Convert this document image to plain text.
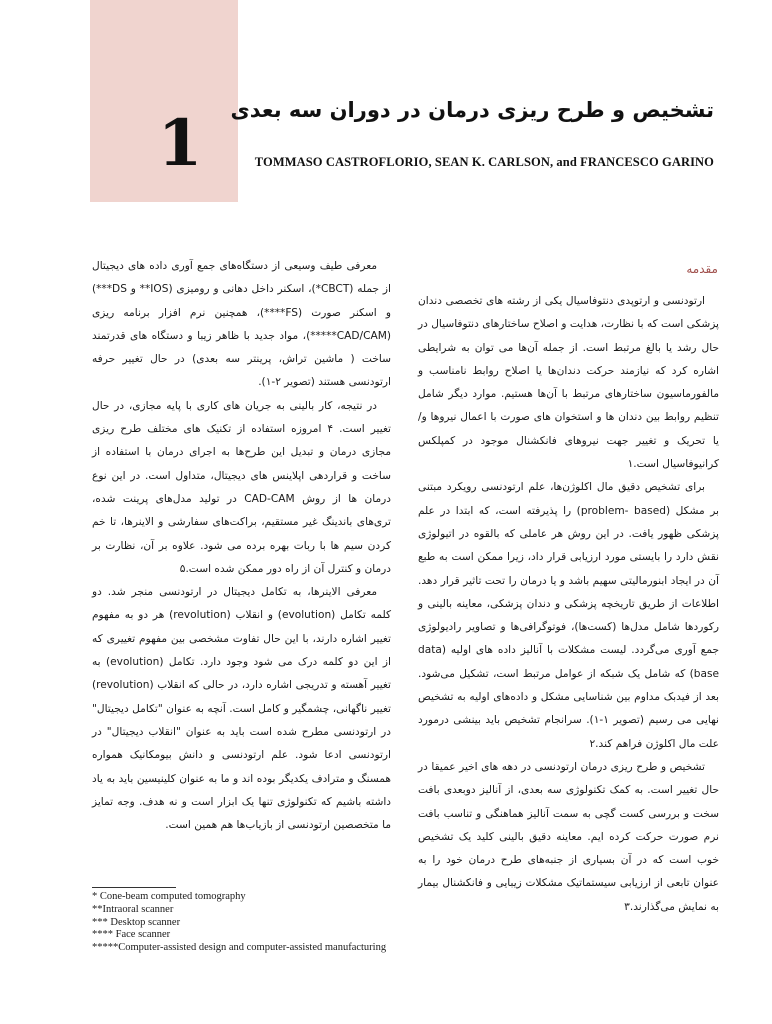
1	تشخیص و طرح ریزی درمان در دوران سه بعدی
TOMMASO CASTROFLORIO, SEAN K. CARLSON, and FRANCESCO GARINO
مقدمه

ارتودنسی و ارتوپدی دنتوفاسیال یکی از رشته های تخصصی دندان پزشکی است که با نظارت، هدایت و اصلاح ساختارهای دنتوفاسیال در حال رشد یا بالغ مرتبط است. از جمله آن‌ها می توان به شرایطی اشاره کرد که نیازمند حرکت دندان‌ها یا اصلاح روابط نامناسب و مالفورماسیون ساختارهای مرتبط با آن‌ها هستیم. موارد دیگر شامل تنظیم روابط بین دندان ها و استخوان های صورت با اعمال نیروها و/یا تحریک و تغییر جهت نیروهای فانکشنال موجود در کمپلکس کرانیوفاسیال است.۱

برای تشخیص دقیق مال اکلوژن‌ها، علم ارتودنسی رویکرد مبتنی بر مشکل (problem- based) را پذیرفته است، که ابتدا در علم پزشکی ظهور یافت. در این روش هر عاملی که بالقوه در اتیولوژی نقش دارد را بایستی مورد ارزیابی قرار داد، زیرا ممکن است به طبع آن در ایجاد ابنورمالیتی سهیم باشد و یا درمان را تحت تاثیر قرار دهد. اطلاعات از طریق تاریخچه پزشکی و دندان پزشکی، معاینه بالینی و رکوردها شامل مدل‌ها (کست‌ها)، فوتوگرافی‌ها و تصاویر رادیولوژی جمع آوری می‌گردد. لیست مشکلات با آنالیز داده های اولیه (data base) که شامل یک شبکه از عوامل مرتبط است، تشکیل می‌شود. بعد از فیدبک مداوم بین شناسایی مشکل و داده‌های اولیه به تشخیص نهایی می رسیم (تصویر ۱-۱). سرانجام تشخیص باید بینشی درمورد علت مال اکلوژن فراهم کند.۲

تشخیص و طرح ریزی درمان ارتودنسی در دهه های اخیر عمیقا در حال تغییر است. به کمک تکنولوژی سه بعدی، از آنالیز دوبعدی بافت سخت و بررسی کست گچی به سمت آنالیز هماهنگی و تناسب بافت نرم صورت حرکت کرده ایم. معاینه دقیق بالینی کلید یک تشخیص خوب است که در آن بسیاری از جنبه‌های طرح درمان خود را به عنوان تابعی از ارزیابی سیستماتیک مشکلات زیبایی و فانکشنال بیمار به نمایش می‌گذارند.۳

معرفی طیف وسیعی از دستگاه‌های جمع آوری داده های دیجیتال از جمله (CBCT*)، اسکنر داخل دهانی و رومیزی (IOS** و DS***) و اسکنر صورت (FS****)، همچنین نرم افزار برنامه ریزی (CAD/CAM*****)، مواد جدید با ظاهر زیبا و دستگاه های قدرتمند ساخت ( ماشین تراش، پرینتر سه بعدی) در حال تغییر حرفه ارتودنسی هستند (تصویر ۲-۱).

در نتیجه، کار بالینی به جریان های کاری با پایه مجازی، در حال تغییر است. ۴ امروزه استفاده از تکنیک های مختلف طرح ریزی مجازی درمان و تبدیل این طرح‌ها به اجرای درمان با استفاده از ساخت و قراردهی اپلاینس های دیجیتال، متداول است. در این نوع درمان ها از روش CAD-CAM در تولید مدل‌های پرینت شده، تری‌های باندینگ غیر مستقیم، براکت‌های سفارشی و الاینرها، تا خم کردن سیم ها با ربات بهره برده می شود. علاوه بر آن، نظارت بر درمان و کنترل آن از راه دور ممکن شده است.۵

معرفی الاینرها، به تکامل دیجیتال در ارتودنسی منجر شد. دو کلمه تکامل (evolution) و انقلاب (revolution) هر دو به مفهوم تغییر اشاره دارند، با این حال تفاوت مشخصی بین مفهوم تغییری که از این دو کلمه درک می شود وجود دارد. تکامل (evolution) به تغییر آهسته و تدریجی اشاره دارد، در حالی که انقلاب (revolution) تغییر ناگهانی، چشمگیر و کامل است. آنچه به عنوان "تکامل دیجیتال" در ارتودنسی مطرح شده است باید به عنوان "انقلاب دیجیتال" در ارتودنسی ادعا شود. علم ارتودنسی و دانش بیومکانیک همواره همسنگ و مترادف یکدیگر بوده اند و ما به عنوان کلینیسین باید به یاد داشته باشیم که تکنولوژی تنها یک ابزار است و نه هدف. وجه تمایز ما متخصصین ارتودنسی از بازیاب‌ها هم همین است.

* Cone-beam computed tomography
**Intraoral scanner
*** Desktop scanner
**** Face scanner
*****Computer-assisted design and computer-assisted manufacturing
